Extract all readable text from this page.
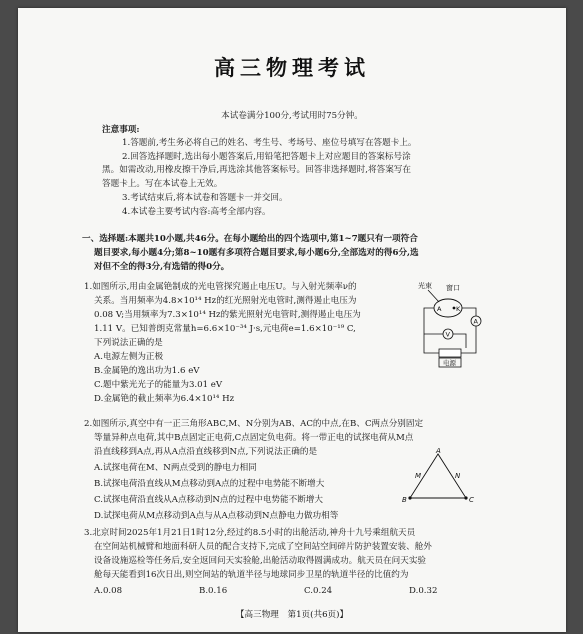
高三物理考试
本试卷满分100分,考试用时75分钟。
注意事项:
1.答题前,考生务必将自己的姓名、考生号、考场号、座位号填写在答题卡上。
2.回答选择题时,选出每小题答案后,用铅笔把答题卡上对应题目的答案标号涂
黑。如需改动,用橡皮擦干净后,再选涂其他答案标号。回答非选择题时,将答案写在
答题卡上。写在本试卷上无效。
3.考试结束后,将本试卷和答题卡一并交回。
4.本试卷主要考试内容:高考全部内容。
一、选择题:本题共10小题,共46分。在每小题给出的四个选项中,第1~7题只有一项符合
题目要求,每小题4分;第8~10题有多项符合题目要求,每小题6分,全部选对的得6分,选
对但不全的得3分,有选错的得0分。
1.如图所示,用由金属铯制成的光电管探究遏止电压U。与入射光频率ν的
关系。当用频率为4.8×10¹⁴ Hz的红光照射光电管时,测得遏止电压为
0.08 V;当用频率为7.3×10¹⁴ Hz的紫光照射光电管时,测得遏止电压为
1.11 V。已知普朗克常量h=6.6×10⁻³⁴ J·s,元电荷e=1.6×10⁻¹⁹ C,
下列说法正确的是
A.电源左侧为正极
B.金属铯的逸出功为1.6 eV
C.题中紫光光子的能量为3.01 eV
D.金属铯的截止频率为6.4×10¹⁴ Hz
光束 窗口
A K
A
V
电源
2.如图所示,真空中有一正三角形ABC,M、N分别为AB、AC的中点,在B、C两点分别固定
等量异种点电荷,其中B点固定正电荷,C点固定负电荷。将一带正电的试探电荷从M点
沿直线移到A点,再从A点沿直线移到N点,下列说法正确的是
A.试探电荷在M、N两点受到的静电力相同
B.试探电荷沿直线从M点移动到A点的过程中电势能不断增大
C.试探电荷沿直线从A点移动到N点的过程中电势能不断增大
D.试探电荷从M点移动到A点与从A点移动到N点静电力做功相等
A
B	C
M	N
3.北京时间2025年1月21日1时12分,经过约8.5小时的出舱活动,神舟十九号乘组航天员
在空间站机械臂和地面科研人员的配合支持下,完成了空间站空间碎片防护装置安装、舱外
设备设施巡检等任务后,安全返回问天实验舱,出舱活动取得圆满成功。航天员在问天实验
舱每天能看到16次日出,则空间站的轨道半径与地球同步卫星的轨道半径的比值约为
A.0.08	B.0.16	C.0.24	D.0.32
【高三物理　第1页(共6页)】
